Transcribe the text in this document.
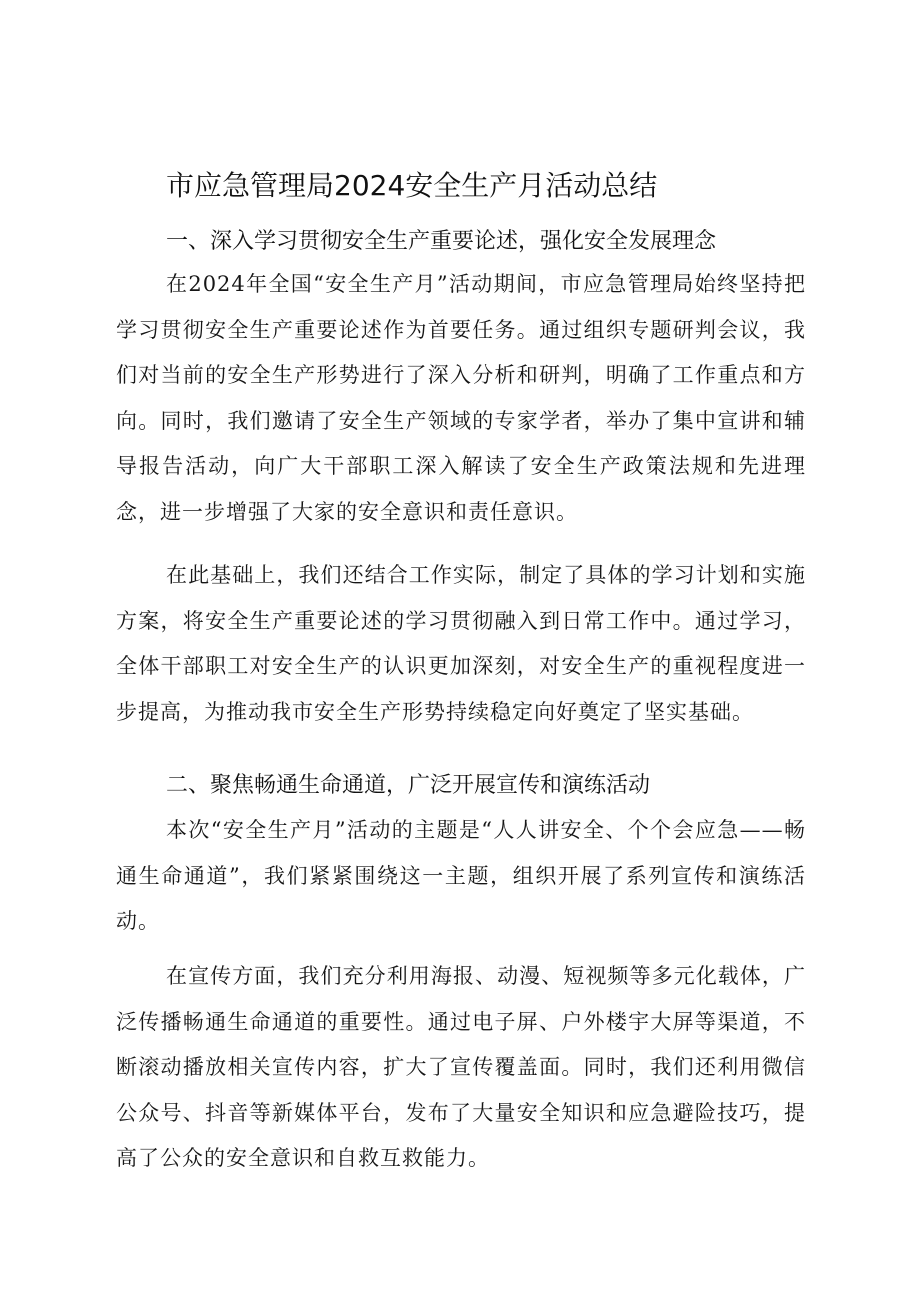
市应急管理局2024安全生产月活动总结
一、深入学习贯彻安全生产重要论述，强化安全发展理念

在2024年全国“安全生产月”活动期间，市应急管理局始终坚持把学习贯彻安全生产重要论述作为首要任务。通过组织专题研判会议，我们对当前的安全生产形势进行了深入分析和研判，明确了工作重点和方向。同时，我们邀请了安全生产领域的专家学者，举办了集中宣讲和辅导报告活动，向广大干部职工深入解读了安全生产政策法规和先进理念，进一步增强了大家的安全意识和责任意识。

在此基础上，我们还结合工作实际，制定了具体的学习计划和实施方案，将安全生产重要论述的学习贯彻融入到日常工作中。通过学习，全体干部职工对安全生产的认识更加深刻，对安全生产的重视程度进一步提高，为推动我市安全生产形势持续稳定向好奠定了坚实基础。

二、聚焦畅通生命通道，广泛开展宣传和演练活动

本次“安全生产月”活动的主题是“人人讲安全、个个会应急——畅通生命通道”，我们紧紧围绕这一主题，组织开展了系列宣传和演练活动。

在宣传方面，我们充分利用海报、动漫、短视频等多元化载体，广泛传播畅通生命通道的重要性。通过电子屏、户外楼宇大屏等渠道，不断滚动播放相关宣传内容，扩大了宣传覆盖面。同时，我们还利用微信公众号、抖音等新媒体平台，发布了大量安全知识和应急避险技巧，提高了公众的安全意识和自救互救能力。
